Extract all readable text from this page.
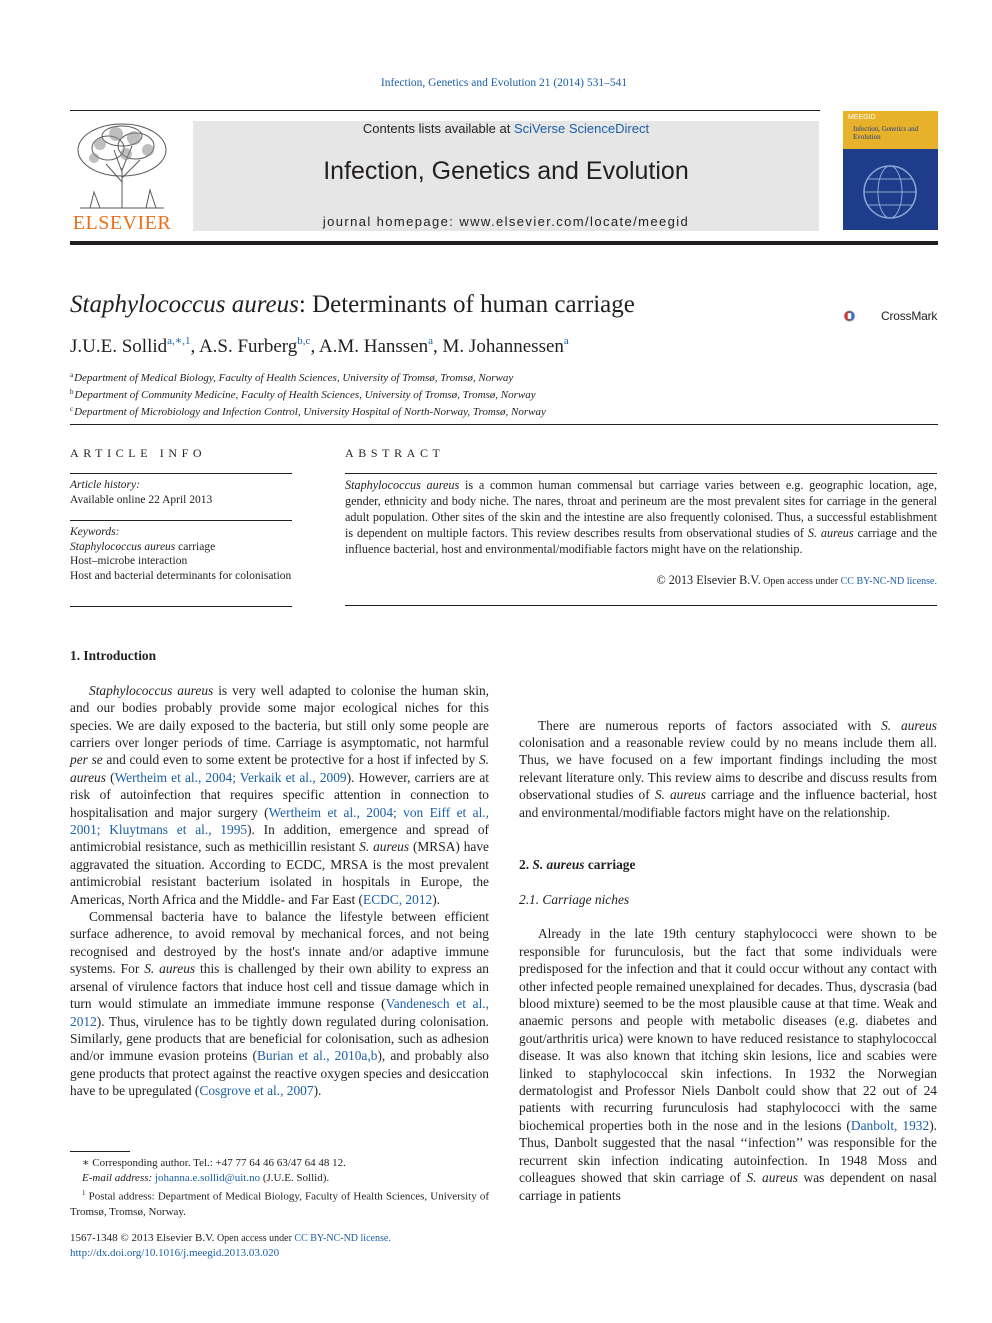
Infection, Genetics and Evolution 21 (2014) 531–541
ELSEVIER
Contents lists available at SciVerse ScienceDirect
Infection, Genetics and Evolution
journal homepage: www.elsevier.com/locate/meegid
MEEGID
Infection, Genetics and Evolution
Staphylococcus aureus: Determinants of human carriage	CrossMark
J.U.E. Sollid$^{a,∗,1}$, A.S. Furberg$^{b,c}$, A.M. Hanssen$^a$, M. Johannessen$^a$
$^a$Department of Medical Biology, Faculty of Health Sciences, University of Tromsø, Tromsø, Norway
$^b$Department of Community Medicine, Faculty of Health Sciences, University of Tromsø, Tromsø, Norway
$^c$Department of Microbiology and Infection Control, University Hospital of North-Norway, Tromsø, Norway
ARTICLE INFO
Article history:
Available online 22 April 2013
Keywords:
Staphylococcus aureus carriage
Host–microbe interaction
Host and bacterial determinants for colonisation
ABSTRACT
Staphylococcus aureus is a common human commensal but carriage varies between e.g. geographic location, age, gender, ethnicity and body niche. The nares, throat and perineum are the most prevalent sites for carriage in the general adult population. Other sites of the skin and the intestine are also frequently colonised. Thus, a successful establishment is dependent on multiple factors. This review describes results from observational studies of S. aureus carriage and the influence bacterial, host and environmental/modifiable factors might have on the relationship.
© 2013 Elsevier B.V. Open access under CC BY-NC-ND license.
1. Introduction

Staphylococcus aureus is very well adapted to colonise the human skin, and our bodies probably provide some major ecological niches for this species. We are daily exposed to the bacteria, but still only some people are carriers over longer periods of time. Carriage is asymptomatic, not harmful per se and could even to some extent be protective for a host if infected by S. aureus (Wertheim et al., 2004; Verkaik et al., 2009). However, carriers are at risk of autoinfection that requires specific attention in connection to hospitalisation and major surgery (Wertheim et al., 2004; von Eiff et al., 2001; Kluytmans et al., 1995). In addition, emergence and spread of antimicrobial resistance, such as methicillin resistant S. aureus (MRSA) have aggravated the situation. According to ECDC, MRSA is the most prevalent antimicrobial resistant bacterium isolated in hospitals in Europe, the Americas, North Africa and the Middle- and Far East (ECDC, 2012).

Commensal bacteria have to balance the lifestyle between efficient surface adherence, to avoid removal by mechanical forces, and not being recognised and destroyed by the host's innate and/or adaptive immune systems. For S. aureus this is challenged by their own ability to express an arsenal of virulence factors that induce host cell and tissue damage which in turn would stimulate an immediate immune response (Vandenesch et al., 2012). Thus, virulence has to be tightly down regulated during colonisation. Similarly, gene products that are beneficial for colonisation, such as adhesion and/or immune evasion proteins (Burian et al., 2010a,b), and probably also gene products that protect against the reactive oxygen species and desiccation have to be upregulated (Cosgrove et al., 2007).

There are numerous reports of factors associated with S. aureus colonisation and a reasonable review could by no means include them all. Thus, we have focused on a few important findings including the most relevant literature only. This review aims to describe and discuss results from observational studies of S. aureus carriage and the influence bacterial, host and environmental/modifiable factors might have on the relationship.

2. S. aureus carriage
2.1. Carriage niches

Already in the late 19th century staphylococci were shown to be responsible for furunculosis, but the fact that some individuals were predisposed for the infection and that it could occur without any contact with other infected people remained unexplained for decades. Thus, dyscrasia (bad blood mixture) seemed to be the most plausible cause at that time. Weak and anaemic persons and people with metabolic diseases (e.g. diabetes and gout/arthritis urica) were known to have reduced resistance to staphylococcal disease. It was also known that itching skin lesions, lice and scabies were linked to staphylococcal skin infections. In 1932 the Norwegian dermatologist and Professor Niels Danbolt could show that 22 out of 24 patients with recurring furunculosis had staphylococci with the same biochemical properties both in the nose and in the lesions (Danbolt, 1932). Thus, Danbolt suggested that the nasal ‘‘infection’’ was responsible for the recurrent skin infection indicating autoinfection. In 1948 Moss and colleagues showed that skin carriage of S. aureus was dependent on nasal carriage in patients

∗ Corresponding author. Tel.: +47 77 64 46 63/47 64 48 12.
E-mail address: johanna.e.sollid@uit.no (J.U.E. Sollid).
$^1$ Postal address: Department of Medical Biology, Faculty of Health Sciences, University of Tromsø, Tromsø, Norway.
1567-1348 © 2013 Elsevier B.V. Open access under CC BY-NC-ND license.
http://dx.doi.org/10.1016/j.meegid.2013.03.020
